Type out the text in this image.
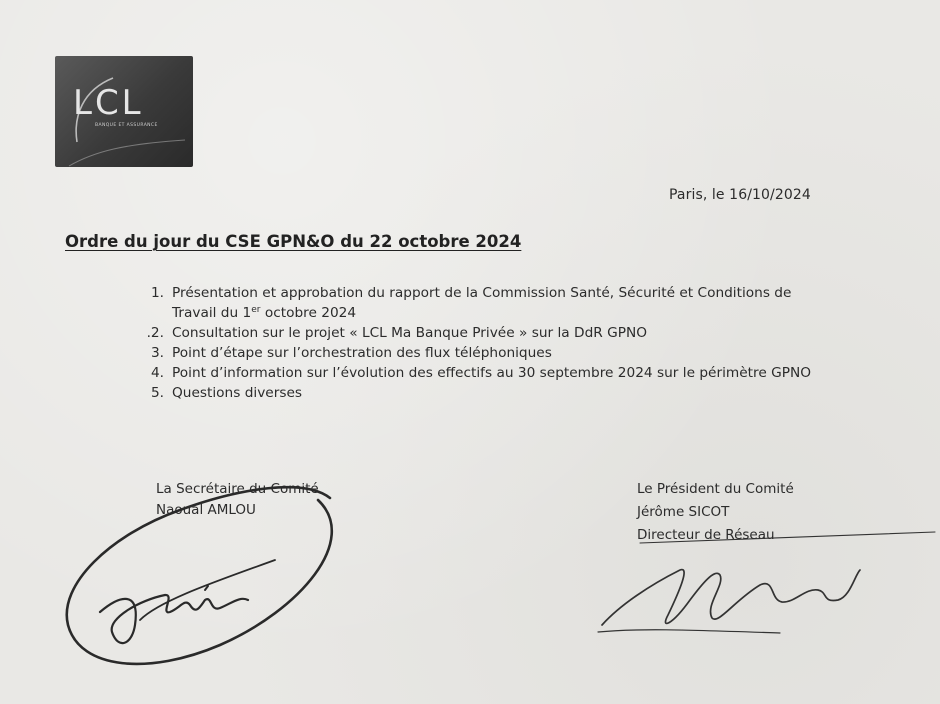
LCL
BANQUE ET ASSURANCE
Paris, le 16/10/2024
Ordre du jour du CSE GPN&O du 22 octobre 2024
1. Présentation et approbation du rapport de la Commission Santé, Sécurité et Conditions de
Travail du 1er octobre 2024
.2. Consultation sur le projet « LCL Ma Banque Privée » sur la DdR GPNO
3. Point d’étape sur l’orchestration des flux téléphoniques
4. Point d’information sur l’évolution des effectifs au 30 septembre 2024 sur le périmètre GPNO
5. Questions diverses
La Secrétaire du Comité
Naoual AMLOU
Le Président du Comité
Jérôme SICOT
Directeur de Réseau
